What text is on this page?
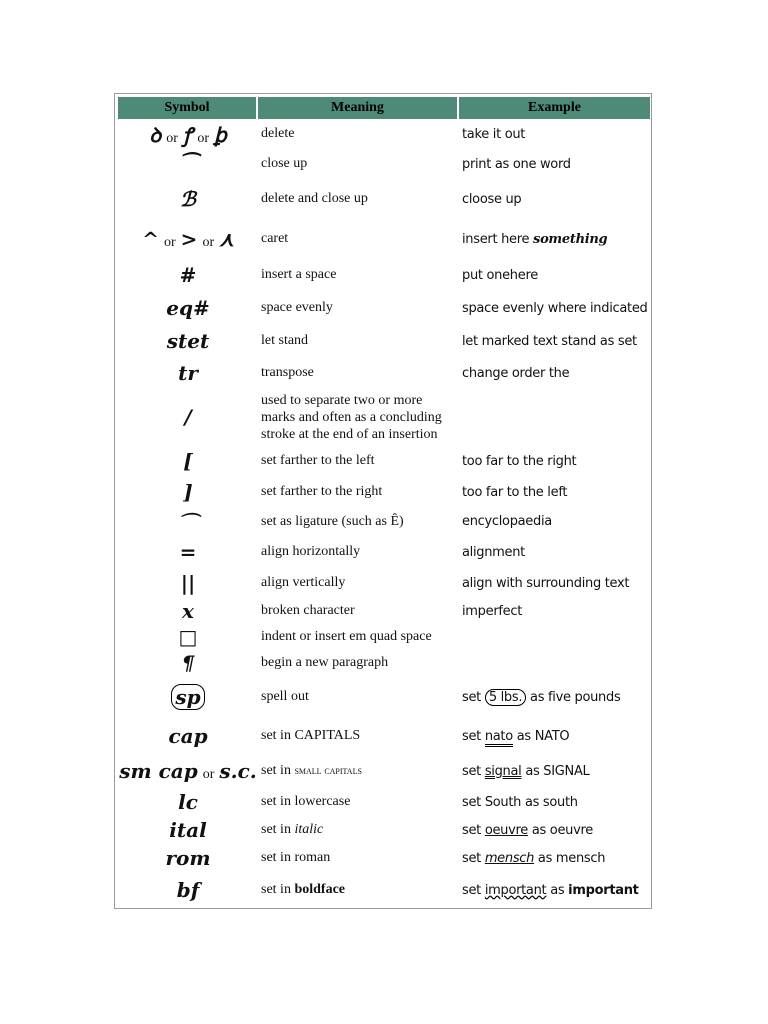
Symbol	Meaning	Example
ꝺ or ꝭ or ꝧ	delete	take it out
⁀	close up	print as one word
ℬ	delete and close up	cloose up
^ or > or ⋏	caret	insert here something
#	insert a space	put onehere
eq#	space evenly	space evenly where indicated
stet	let stand	let marked text stand as set
tr	transpose	change order the
/	used to separate two or more marks and often as a concluding stroke at the end of an insertion	
[	set farther to the left	too far to the right
]	set farther to the right	too far to the left
⌒	set as ligature (such as Ê)	encyclopaedia
=	align horizontally	alignment
||	align vertically	align with surrounding text
x	broken character	imperfect
□	indent or insert em quad space	
¶	begin a new paragraph	
sp	spell out	set 5 lbs. as five pounds
cap	set in CAPITALS	set nato as NATO
sm cap or s.c.	set in small capitals	set signal as SIGNAL
lc	set in lowercase	set South as south
ital	set in italic	set oeuvre as oeuvre
rom	set in roman	set mensch as mensch
bf	set in boldface	set important as important
